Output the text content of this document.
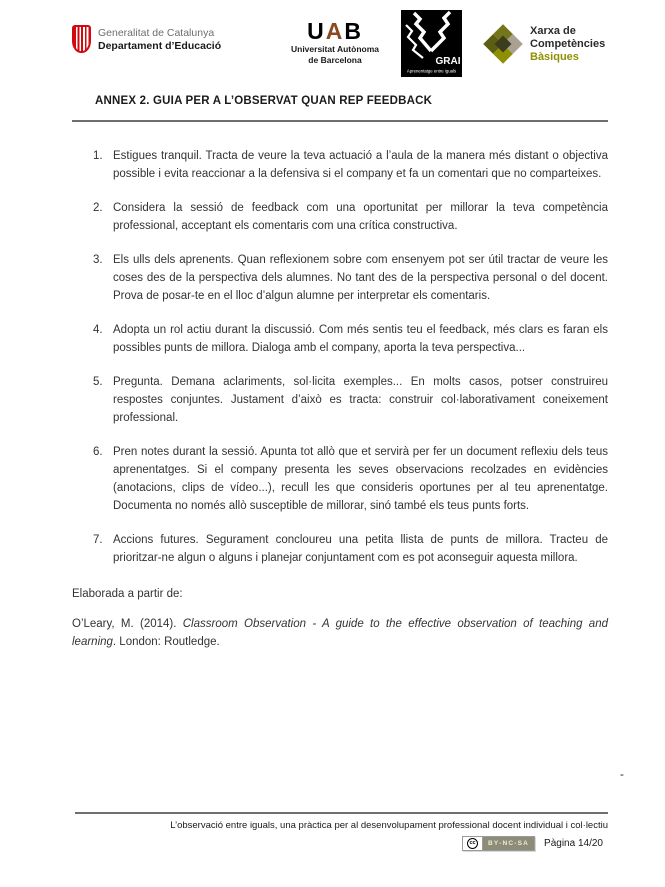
Generalitat de Catalunya
Departament d’Educació
UAB
Universitat Autònoma
de Barcelona	GRAI
Aprenentatge entre iguals
Xarxa de
Competències
Bàsiques
ANNEX 2. GUIA PER A L’OBSERVAT QUAN REP FEEDBACK
1. Estigues tranquil. Tracta de veure la teva actuació a l’aula de la manera més distant o objectiva possible i evita reaccionar a la defensiva si el company et fa un comentari que no comparteixes.
2. Considera la sessió de feedback com una oportunitat per millorar la teva competència professional, acceptant els comentaris com una crítica constructiva.
3. Els ulls dels aprenents. Quan reflexionem sobre com ensenyem pot ser útil tractar de veure les coses des de la perspectiva dels alumnes. No tant des de la perspectiva personal o del docent. Prova de posar-te en el lloc d’algun alumne per interpretar els comentaris.
4. Adopta un rol actiu durant la discussió. Com més sentis teu el feedback, més clars es faran els possibles punts de millora. Dialoga amb el company, aporta la teva perspectiva...
5. Pregunta. Demana aclariments, sol·licita exemples... En molts casos, potser construireu respostes conjuntes. Justament d’això es tracta: construir col·laborativament coneixement professional.
6. Pren notes durant la sessió. Apunta tot allò que et servirà per fer un document reflexiu dels teus aprenentatges. Si el company presenta les seves observacions recolzades en evidències (anotacions, clips de vídeo...), recull les que consideris oportunes per al teu aprenentatge. Documenta no només allò susceptible de millorar, sinó també els teus punts forts.
7. Accions futures. Segurament concloureu una petita llista de punts de millora. Tracteu de prioritzar-ne algun o alguns i planejar conjuntament com es pot aconseguir aquesta millora.

Elaborada a partir de:

O’Leary, M. (2014). Classroom Observation - A guide to the effective observation of teaching and learning. London: Routledge.

-
L’observació entre iguals, una pràctica per al desenvolupament professional docent individual i col·lectiu
cc	BY-NC-SA	Pàgina 14/20
